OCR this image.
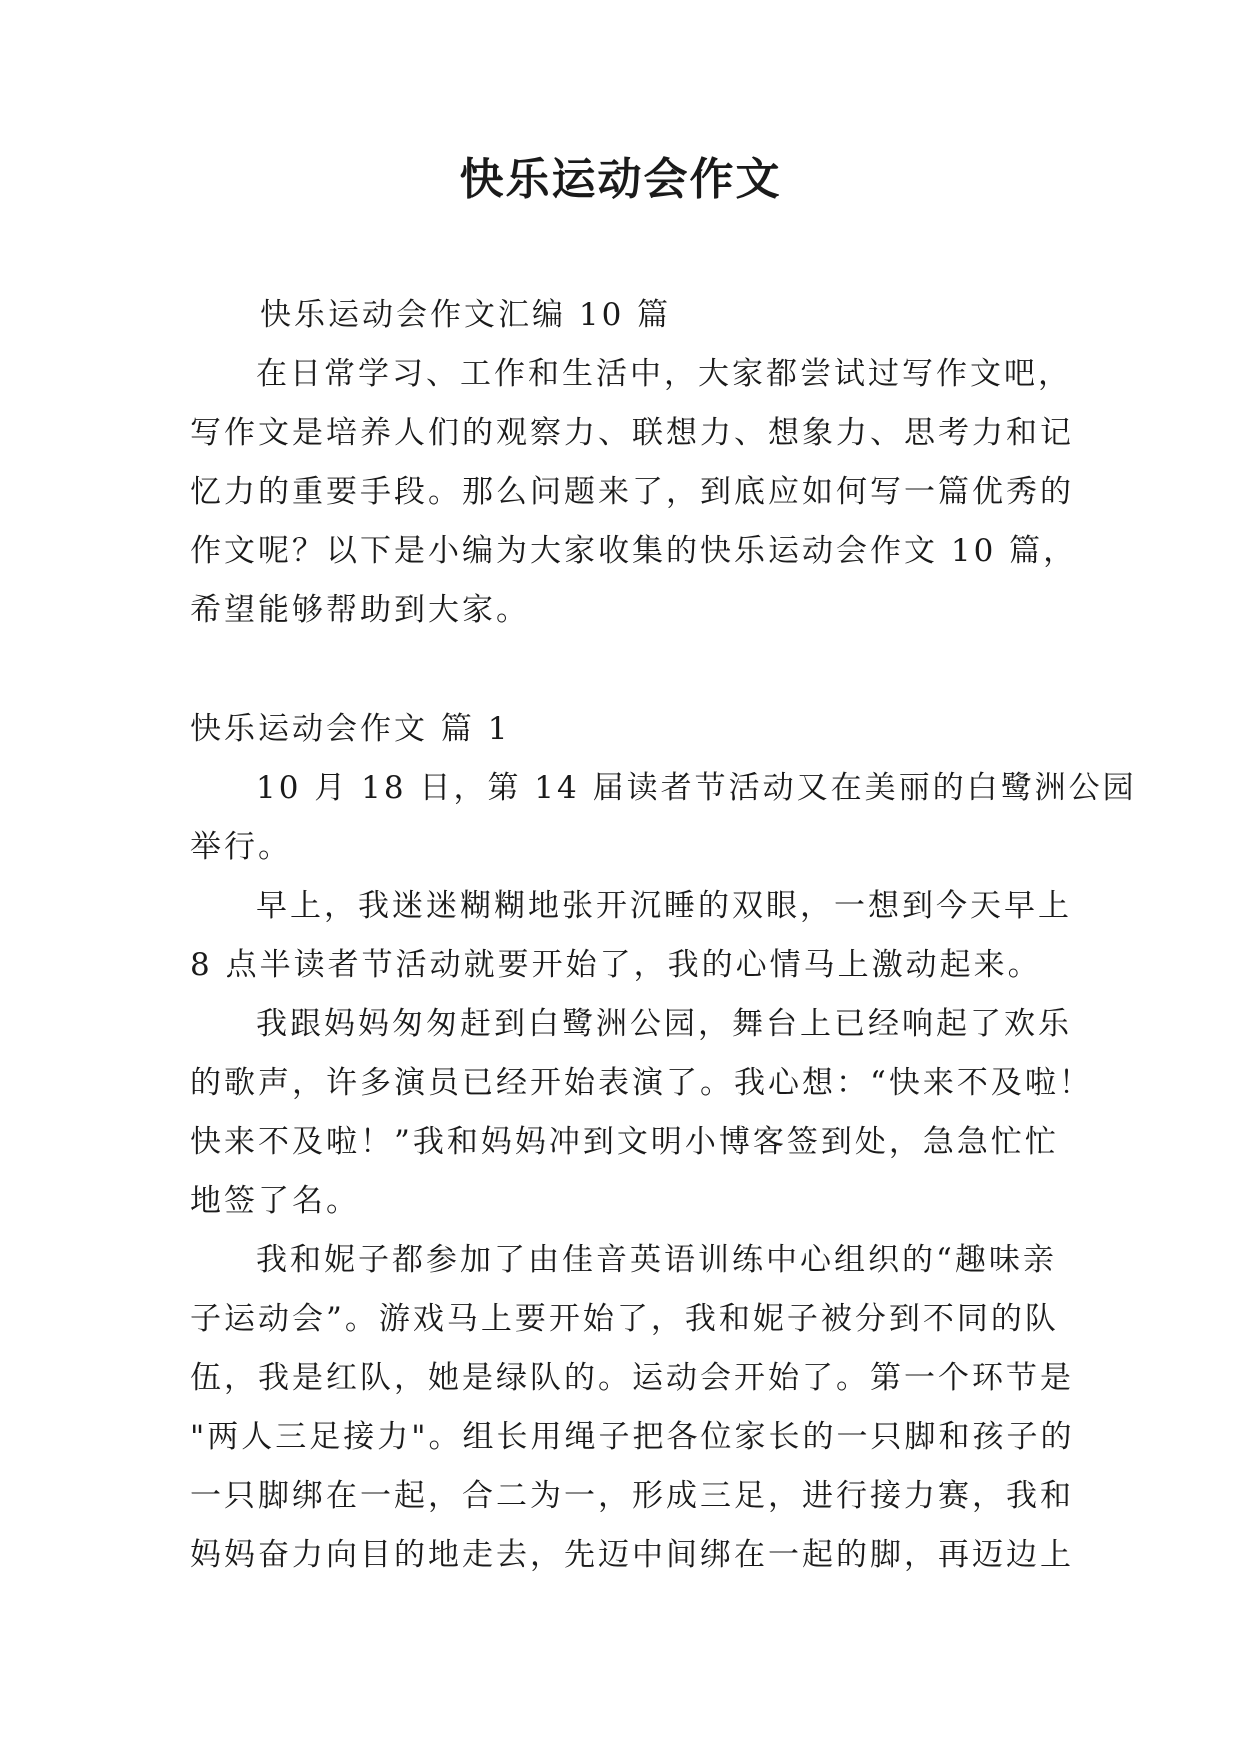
快乐运动会作文
快乐运动会作文汇编 10 篇
在日常学习、工作和生活中，大家都尝试过写作文吧，
写作文是培养人们的观察力、联想力、想象力、思考力和记
忆力的重要手段。那么问题来了，到底应如何写一篇优秀的
作文呢？以下是小编为大家收集的快乐运动会作文 10 篇，
希望能够帮助到大家。
快乐运动会作文 篇 1
10 月 18 日，第 14 届读者节活动又在美丽的白鹭洲公园
举行。
早上，我迷迷糊糊地张开沉睡的双眼，一想到今天早上
8 点半读者节活动就要开始了，我的心情马上激动起来。
我跟妈妈匆匆赶到白鹭洲公园，舞台上已经响起了欢乐
的歌声，许多演员已经开始表演了。我心想：“快来不及啦！
快来不及啦！”我和妈妈冲到文明小博客签到处，急急忙忙
地签了名。
我和妮子都参加了由佳音英语训练中心组织的“趣味亲
子运动会”。游戏马上要开始了，我和妮子被分到不同的队
伍，我是红队，她是绿队的。运动会开始了。第一个环节是
"两人三足接力"。组长用绳子把各位家长的一只脚和孩子的
一只脚绑在一起，合二为一，形成三足，进行接力赛，我和
妈妈奋力向目的地走去，先迈中间绑在一起的脚，再迈边上
